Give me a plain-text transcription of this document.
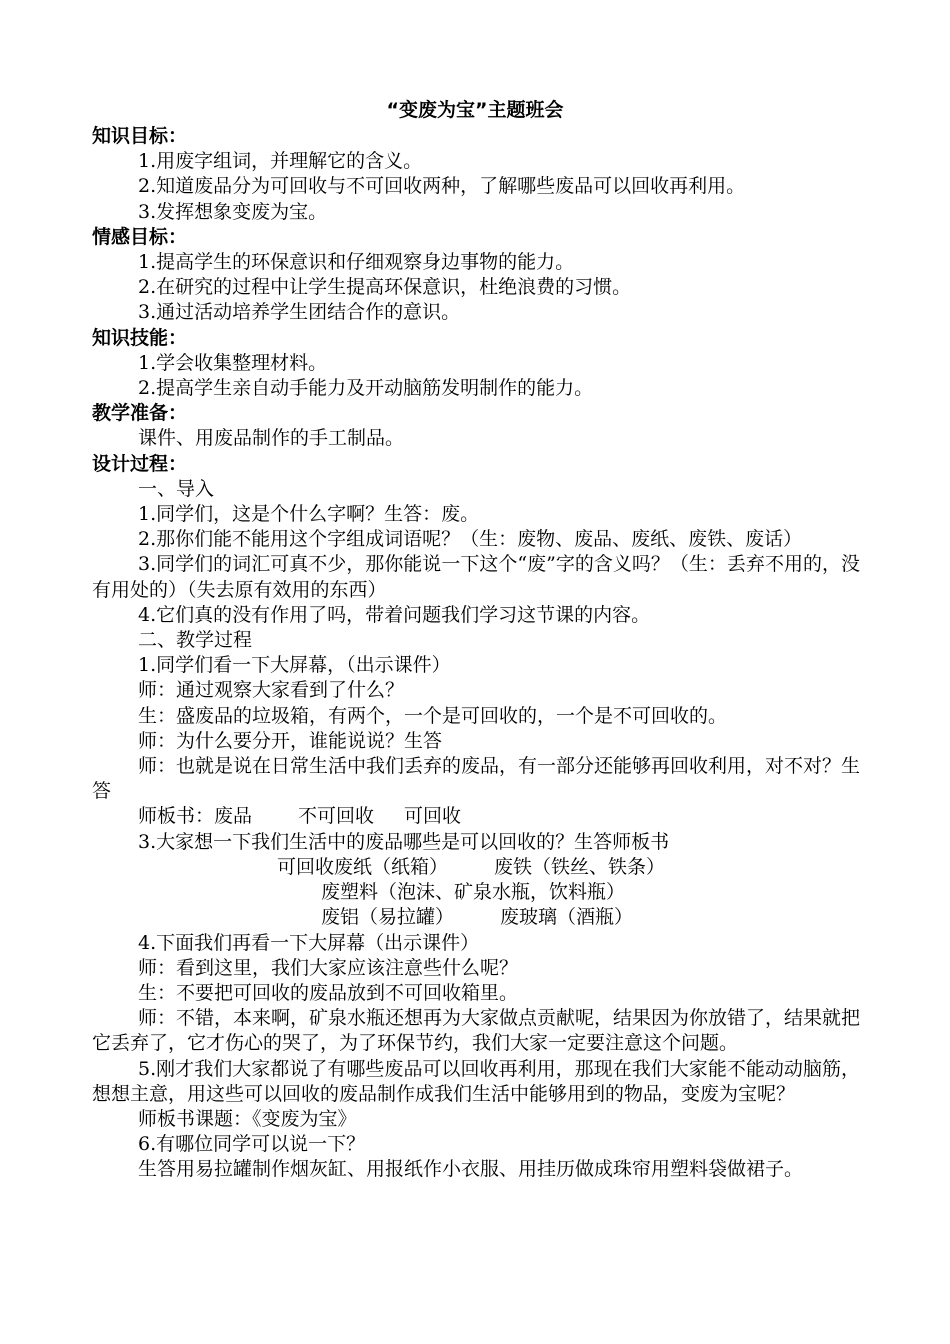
“变废为宝”主题班会
知识目标：
1.用废字组词，并理解它的含义。
2.知道废品分为可回收与不可回收两种，了解哪些废品可以回收再利用。
3.发挥想象变废为宝。
情感目标：
1.提高学生的环保意识和仔细观察身边事物的能力。
2.在研究的过程中让学生提高环保意识，杜绝浪费的习惯。
3.通过活动培养学生团结合作的意识。
知识技能：
1.学会收集整理材料。
2.提高学生亲自动手能力及开动脑筋发明制作的能力。
教学准备：
课件、用废品制作的手工制品。
设计过程：
一、导入
1.同学们，这是个什么字啊？生答：废。
2.那你们能不能用这个字组成词语呢？（生：废物、废品、废纸、废铁、废话）
3.同学们的词汇可真不少，那你能说一下这个“废”字的含义吗？（生：丢弃不用的，没有用处的）（失去原有效用的东西）
4.它们真的没有作用了吗，带着问题我们学习这节课的内容。
二、教学过程
1.同学们看一下大屏幕，（出示课件）
师：通过观察大家看到了什么？
生：盛废品的垃圾箱，有两个，一个是可回收的，一个是不可回收的。
师：为什么要分开，谁能说说？生答
师：也就是说在日常生活中我们丢弃的废品，有一部分还能够再回收利用，对不对？生答
师板书：废品 不可回收 可回收
3.大家想一下我们生活中的废品哪些是可以回收的？生答师板书
可回收废纸（纸箱） 废铁（铁丝、铁条）
废塑料（泡沫、矿泉水瓶，饮料瓶）
废铝（易拉罐） 废玻璃（酒瓶）
4.下面我们再看一下大屏幕（出示课件）
师：看到这里，我们大家应该注意些什么呢？
生：不要把可回收的废品放到不可回收箱里。
师：不错，本来啊，矿泉水瓶还想再为大家做点贡献呢，结果因为你放错了，结果就把它丢弃了，它才伤心的哭了，为了环保节约，我们大家一定要注意这个问题。
5.刚才我们大家都说了有哪些废品可以回收再利用，那现在我们大家能不能动动脑筋，想想主意，用这些可以回收的废品制作成我们生活中能够用到的物品，变废为宝呢？
师板书课题：《变废为宝》
6.有哪位同学可以说一下？
生答用易拉罐制作烟灰缸、用报纸作小衣服、用挂历做成珠帘用塑料袋做裙子。
